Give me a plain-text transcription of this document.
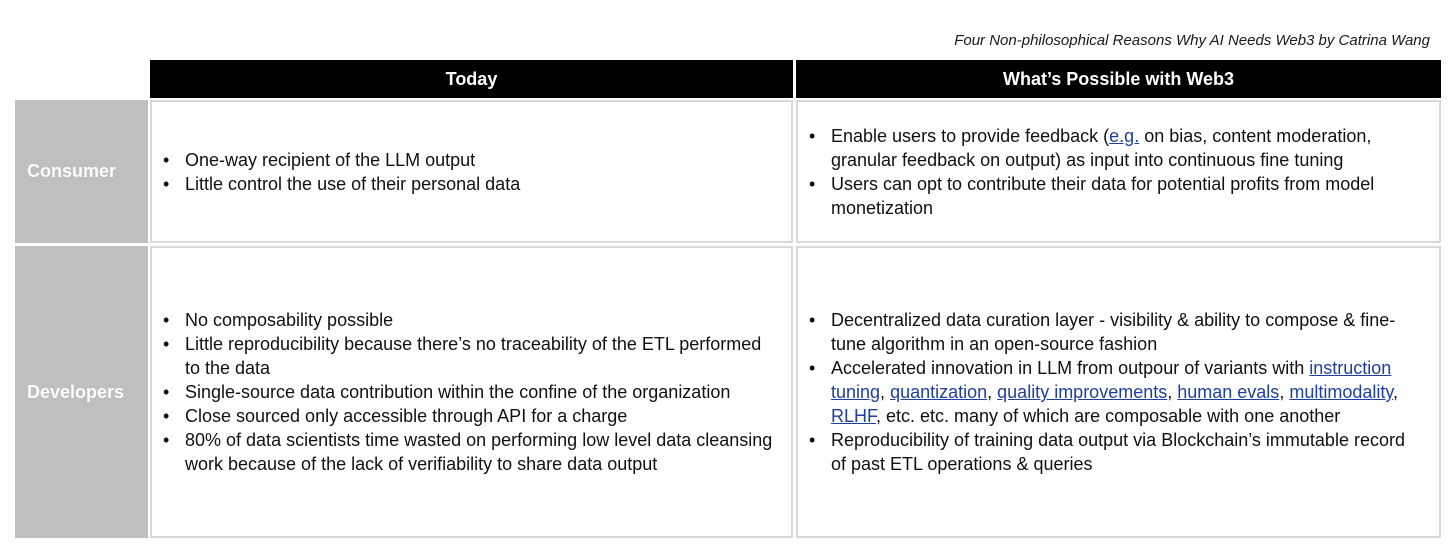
Four Non-philosophical Reasons Why AI Needs Web3 by Catrina Wang
Today	What’s Possible with Web3
Consumer
Developers
• One-way recipient of the LLM output
• Little control the use of their personal data
• Enable users to provide feedback (e.g. on bias, content moderation, granular feedback on output) as input into continuous fine tuning
• Users can opt to contribute their data for potential profits from model monetization
• No composability possible
• Little reproducibility because there’s no traceability of the ETL performed to the data
• Single-source data contribution within the confine of the organization
• Close sourced only accessible through API for a charge
• 80% of data scientists time wasted on performing low level data cleansing work because of the lack of verifiability to share data output
• Decentralized data curation layer - visibility & ability to compose & fine-tune algorithm in an open-source fashion
• Accelerated innovation in LLM from outpour of variants with instruction tuning, quantization, quality improvements, human evals, multimodality, RLHF, etc. etc. many of which are composable with one another
• Reproducibility of training data output via Blockchain’s immutable record of past ETL operations & queries
